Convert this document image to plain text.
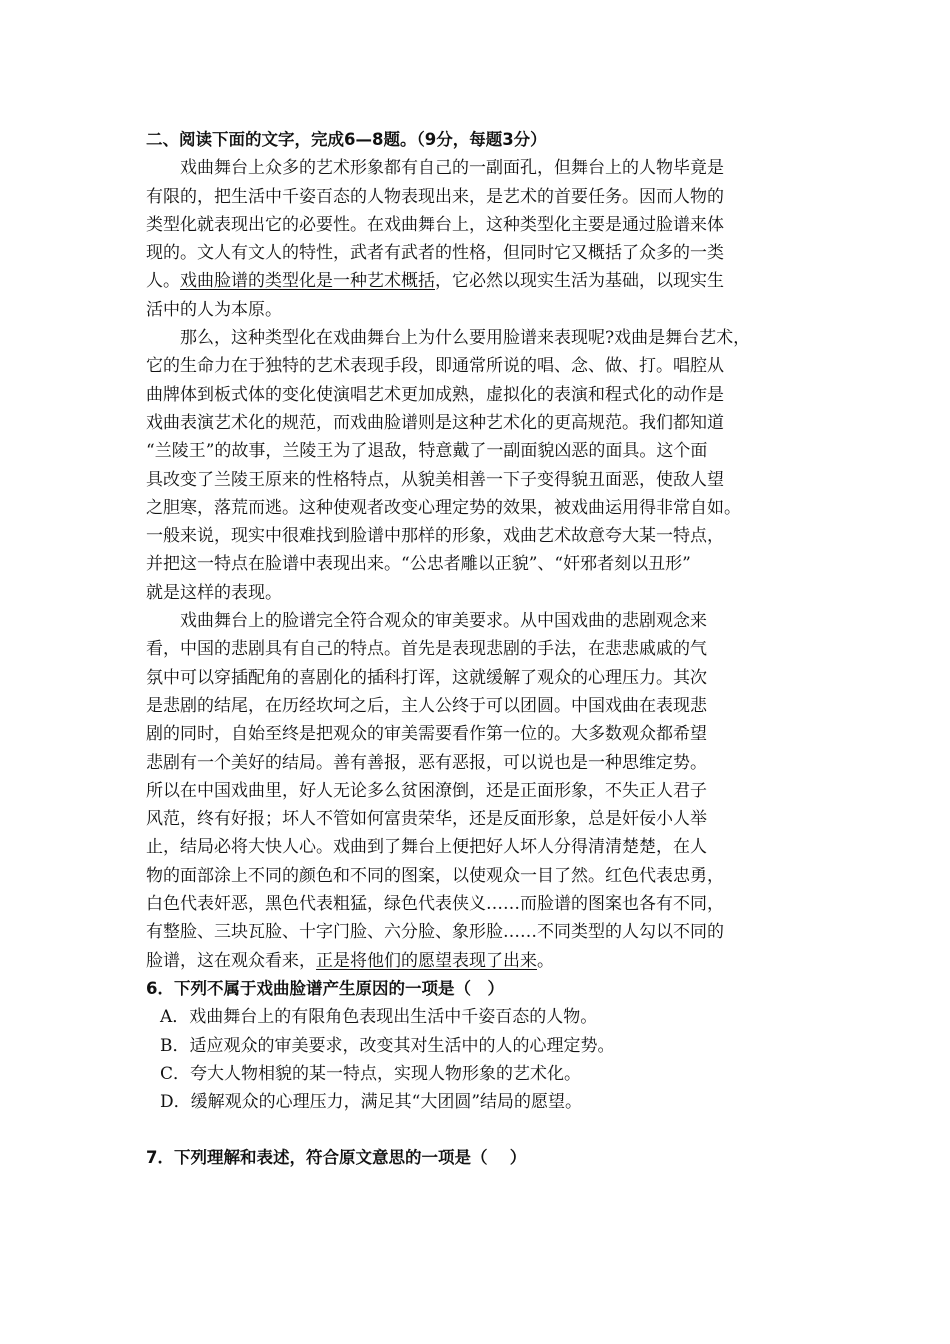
二、阅读下面的文字，完成6—8题。（9分，每题3分）
戏曲舞台上众多的艺术形象都有自己的一副面孔，但舞台上的人物毕竟是
有限的，把生活中千姿百态的人物表现出来，是艺术的首要任务。因而人物的
类型化就表现出它的必要性。在戏曲舞台上，这种类型化主要是通过脸谱来体
现的。文人有文人的特性，武者有武者的性格，但同时它又概括了众多的一类
人。戏曲脸谱的类型化是一种艺术概括，它必然以现实生活为基础，以现实生
活中的人为本原。
那么，这种类型化在戏曲舞台上为什么要用脸谱来表现呢?戏曲是舞台艺术，
它的生命力在于独特的艺术表现手段，即通常所说的唱、念、做、打。唱腔从
曲牌体到板式体的变化使演唱艺术更加成熟，虚拟化的表演和程式化的动作是
戏曲表演艺术化的规范，而戏曲脸谱则是这种艺术化的更高规范。我们都知道
“兰陵王”的故事，兰陵王为了退敌，特意戴了一副面貌凶恶的面具。这个面
具改变了兰陵王原来的性格特点，从貌美相善一下子变得貌丑面恶，使敌人望
之胆寒，落荒而逃。这种使观者改变心理定势的效果，被戏曲运用得非常自如。
一般来说，现实中很难找到脸谱中那样的形象，戏曲艺术故意夸大某一特点，
并把这一特点在脸谱中表现出来。“公忠者雕以正貌”、“奸邪者刻以丑形”
就是这样的表现。
戏曲舞台上的脸谱完全符合观众的审美要求。从中国戏曲的悲剧观念来
看，中国的悲剧具有自己的特点。首先是表现悲剧的手法，在悲悲戚戚的气
氛中可以穿插配角的喜剧化的插科打诨，这就缓解了观众的心理压力。其次
是悲剧的结尾，在历经坎坷之后，主人公终于可以团圆。中国戏曲在表现悲
剧的同时，自始至终是把观众的审美需要看作第一位的。大多数观众都希望
悲剧有一个美好的结局。善有善报，恶有恶报，可以说也是一种思维定势。
所以在中国戏曲里，好人无论多么贫困潦倒，还是正面形象，不失正人君子
风范，终有好报；坏人不管如何富贵荣华，还是反面形象，总是奸佞小人举
止，结局必将大快人心。戏曲到了舞台上便把好人坏人分得清清楚楚，在人
物的面部涂上不同的颜色和不同的图案，以使观众一目了然。红色代表忠勇，
白色代表奸恶，黑色代表粗猛，绿色代表侠义……而脸谱的图案也各有不同，
有整脸、三块瓦脸、十字门脸、六分脸、象形脸……不同类型的人勾以不同的
脸谱，这在观众看来，正是将他们的愿望表现了出来。
6．下列不属于戏曲脸谱产生原因的一项是（　）
A．戏曲舞台上的有限角色表现出生活中千姿百态的人物。
B．适应观众的审美要求，改变其对生活中的人的心理定势。
C．夸大人物相貌的某一特点，实现人物形象的艺术化。
D．缓解观众的心理压力，满足其“大团圆”结局的愿望。
7．下列理解和表述，符合原文意思的一项是（　 ）
